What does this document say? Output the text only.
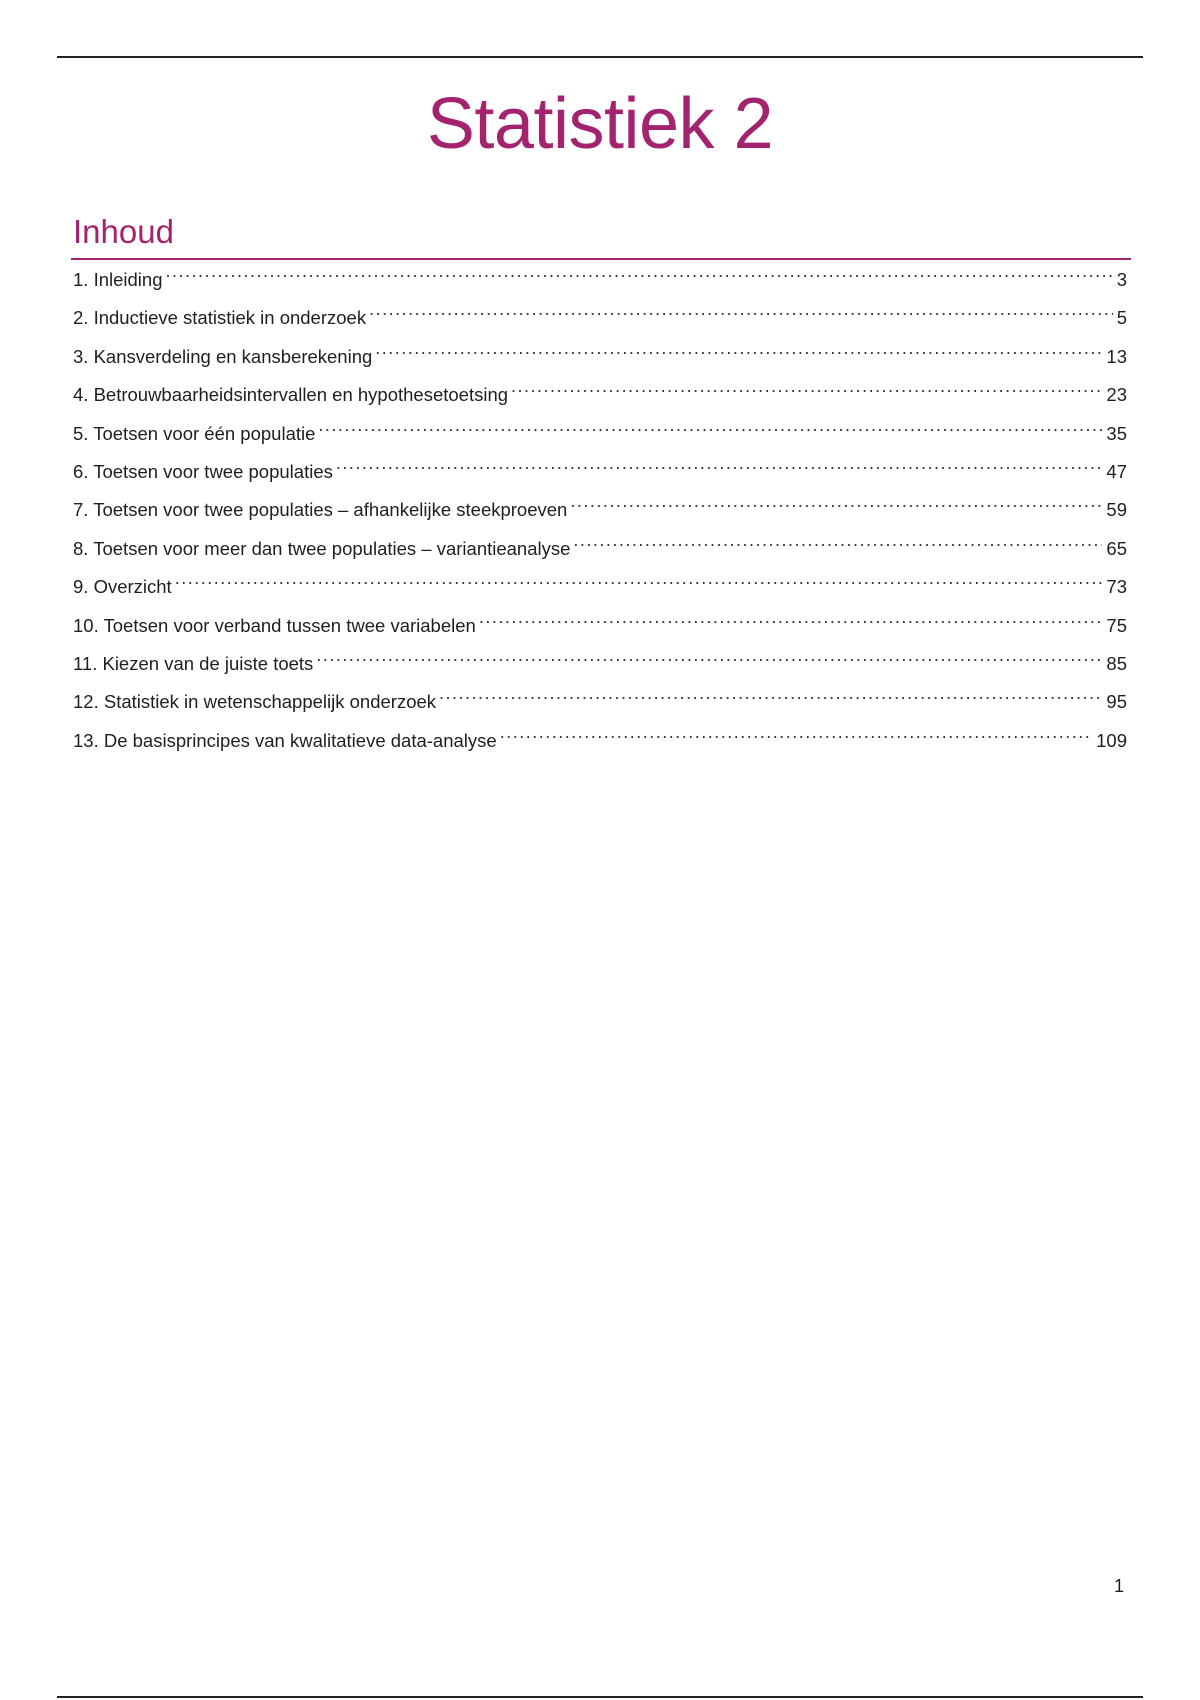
Statistiek 2
Inhoud
1. Inleiding .....	3
2. Inductieve statistiek in onderzoek .....	5
3. Kansverdeling en kansberekening .....	13
4. Betrouwbaarheidsintervallen en hypothesetoetsing .....	23
5. Toetsen voor één populatie .....	35
6. Toetsen voor twee populaties .....	47
7. Toetsen voor twee populaties – afhankelijke steekproeven .....	59
8. Toetsen voor meer dan twee populaties – variantieanalyse .....	65
9. Overzicht .....	73
10. Toetsen voor verband tussen twee variabelen .....	75
11. Kiezen van de juiste toets .....	85
12. Statistiek in wetenschappelijk onderzoek .....	95
13. De basisprincipes van kwalitatieve data-analyse .....	109
1
